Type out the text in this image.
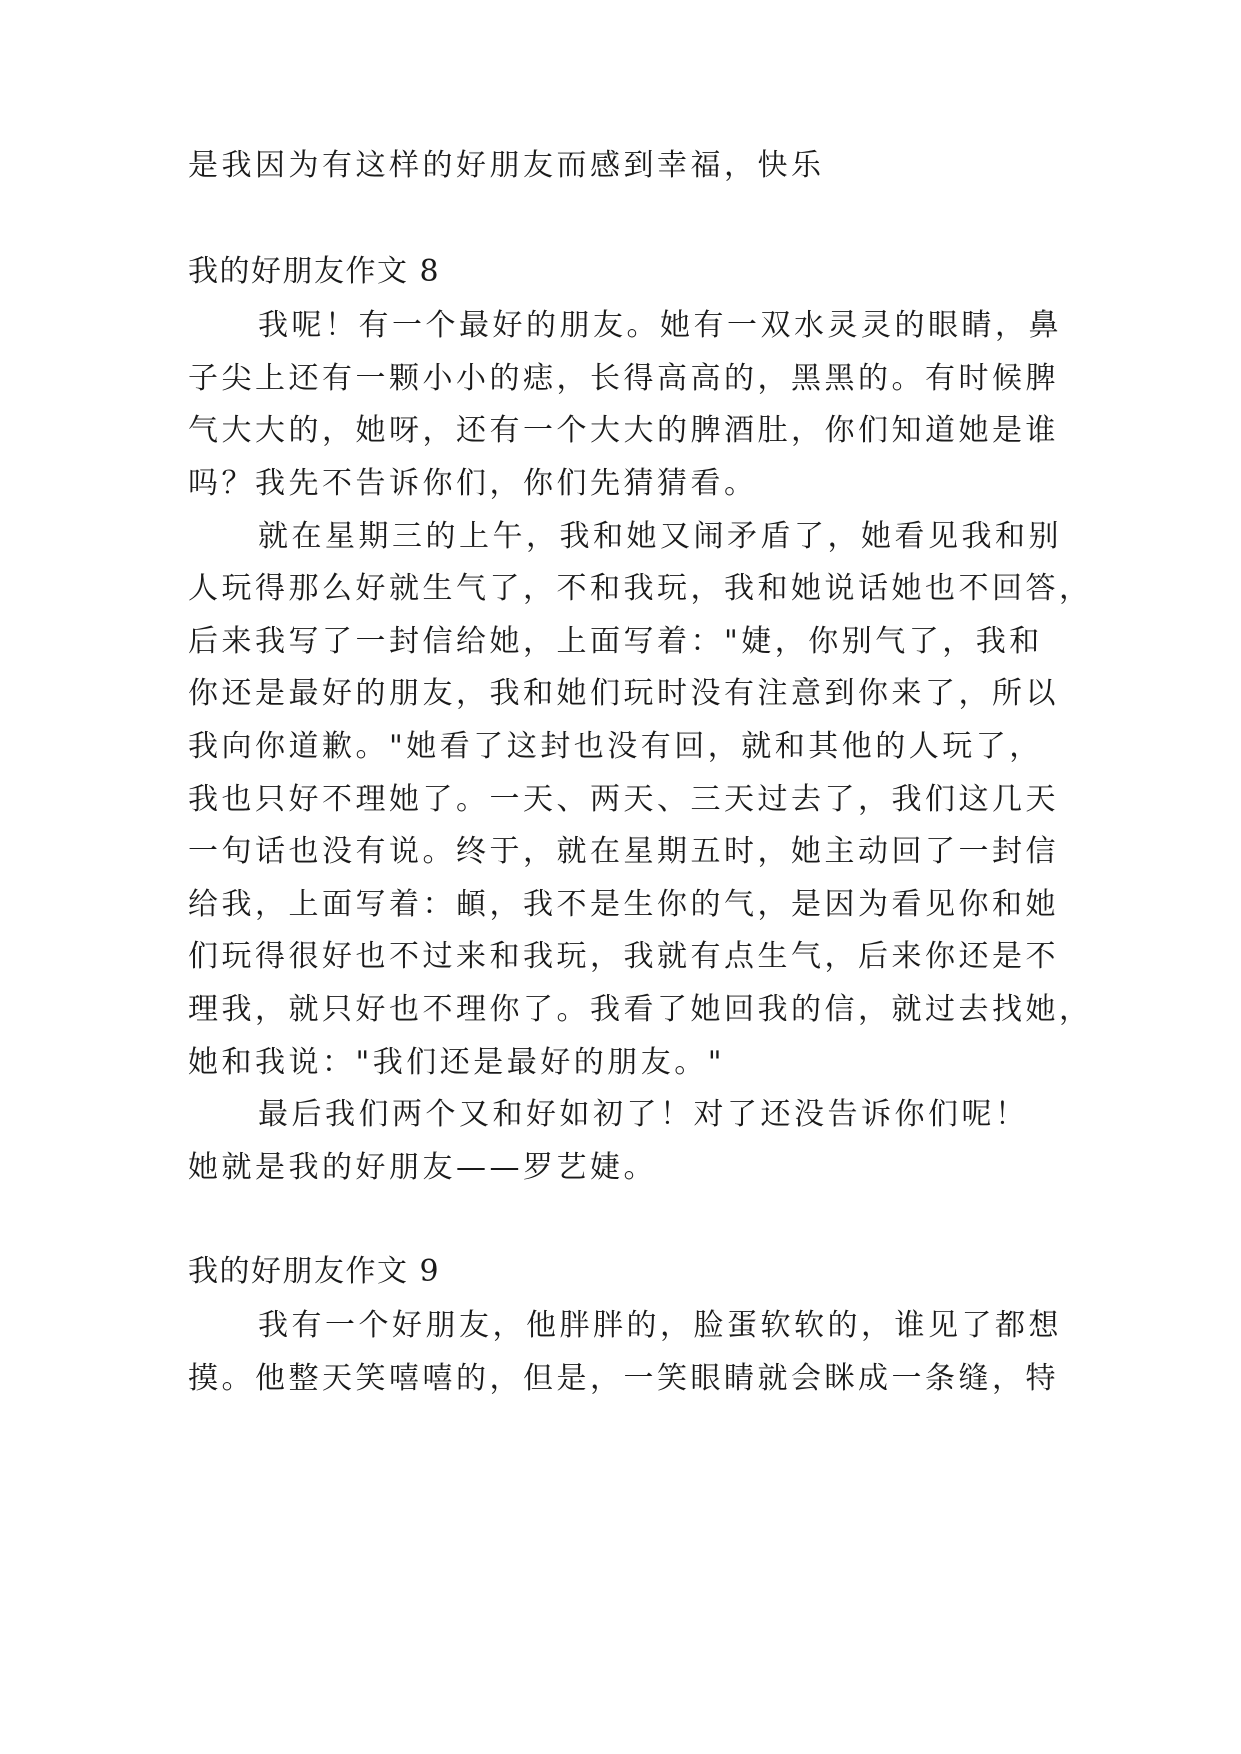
是我因为有这样的好朋友而感到幸福，快乐
我的好朋友作文 8
我呢！有一个最好的朋友。她有一双水灵灵的眼睛，鼻
子尖上还有一颗小小的痣，长得高高的，黑黑的。有时候脾
气大大的，她呀，还有一个大大的脾酒肚，你们知道她是谁
吗？我先不告诉你们，你们先猜猜看。
就在星期三的上午，我和她又闹矛盾了，她看见我和别
人玩得那么好就生气了，不和我玩，我和她说话她也不回答，
后来我写了一封信给她，上面写着："婕，你别气了，我和
你还是最好的朋友，我和她们玩时没有注意到你来了，所以
我向你道歉。"她看了这封也没有回，就和其他的人玩了，
我也只好不理她了。一天、两天、三天过去了，我们这几天
一句话也没有说。终于，就在星期五时，她主动回了一封信
给我，上面写着：頔，我不是生你的气，是因为看见你和她
们玩得很好也不过来和我玩，我就有点生气，后来你还是不
理我，就只好也不理你了。我看了她回我的信，就过去找她，
她和我说："我们还是最好的朋友。"
最后我们两个又和好如初了！对了还没告诉你们呢！
她就是我的好朋友——罗艺婕。
我的好朋友作文 9
我有一个好朋友，他胖胖的，脸蛋软软的，谁见了都想
摸。他整天笑嘻嘻的，但是，一笑眼睛就会眯成一条缝，特
